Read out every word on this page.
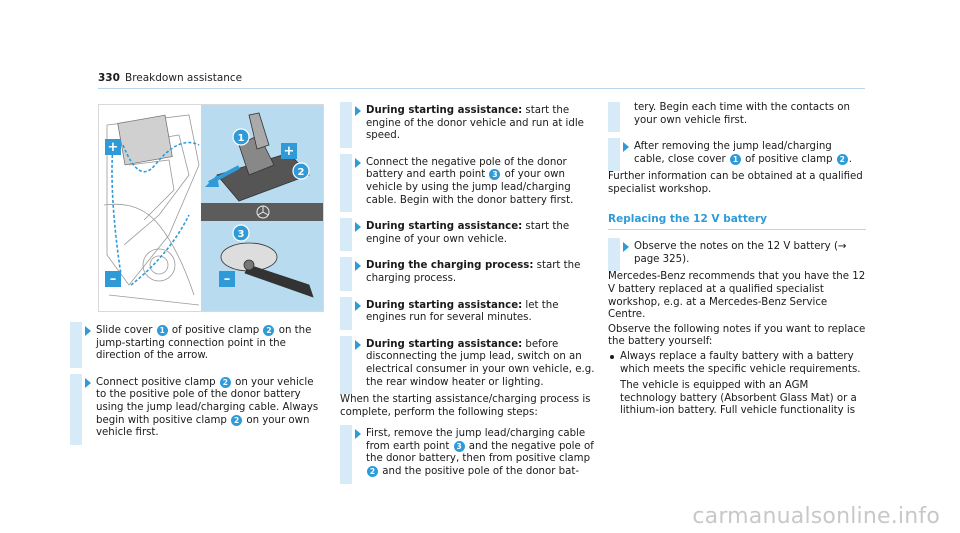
330 Breakdown assistance
+
–
+
1
2
–
3

Slide cover 1 of positive clamp 2 on the jump-starting connection point in the direction of the arrow.

Connect positive clamp 2 on your vehicle to the positive pole of the donor battery using the jump lead/charging cable. Always begin with positive clamp 2 on your own vehicle first.

During starting assistance: start the engine of the donor vehicle and run at idle speed.

Connect the negative pole of the donor battery and earth point 3 of your own vehicle by using the jump lead/charging cable. Begin with the donor battery first.

During starting assistance: start the engine of your own vehicle.

During the charging process: start the charging process.

During starting assistance: let the engines run for several minutes.

During starting assistance: before disconnecting the jump lead, switch on an electrical consumer in your own vehicle, e.g. the rear window heater or lighting.

When the starting assistance/charging process is complete, perform the following steps:

First, remove the jump lead/charging cable from earth point 3 and the negative pole of the donor battery, then from positive clamp 2 and the positive pole of the donor bat-

tery. Begin each time with the contacts on your own vehicle first.

After removing the jump lead/charging cable, close cover 1 of positive clamp 2 .

Further information can be obtained at a qualified specialist workshop.

Replacing the 12 V battery

Observe the notes on the 12 V battery (→ page 325).

Mercedes-Benz recommends that you have the 12 V battery replaced at a qualified specialist workshop, e.g. at a Mercedes-Benz Service Centre.

Observe the following notes if you want to replace the battery yourself:

Always replace a faulty battery with a battery which meets the specific vehicle requirements.

The vehicle is equipped with an AGM technology battery (Absorbent Glass Mat) or a lithium-ion battery. Full vehicle functionality is

carmanualsonline.info
